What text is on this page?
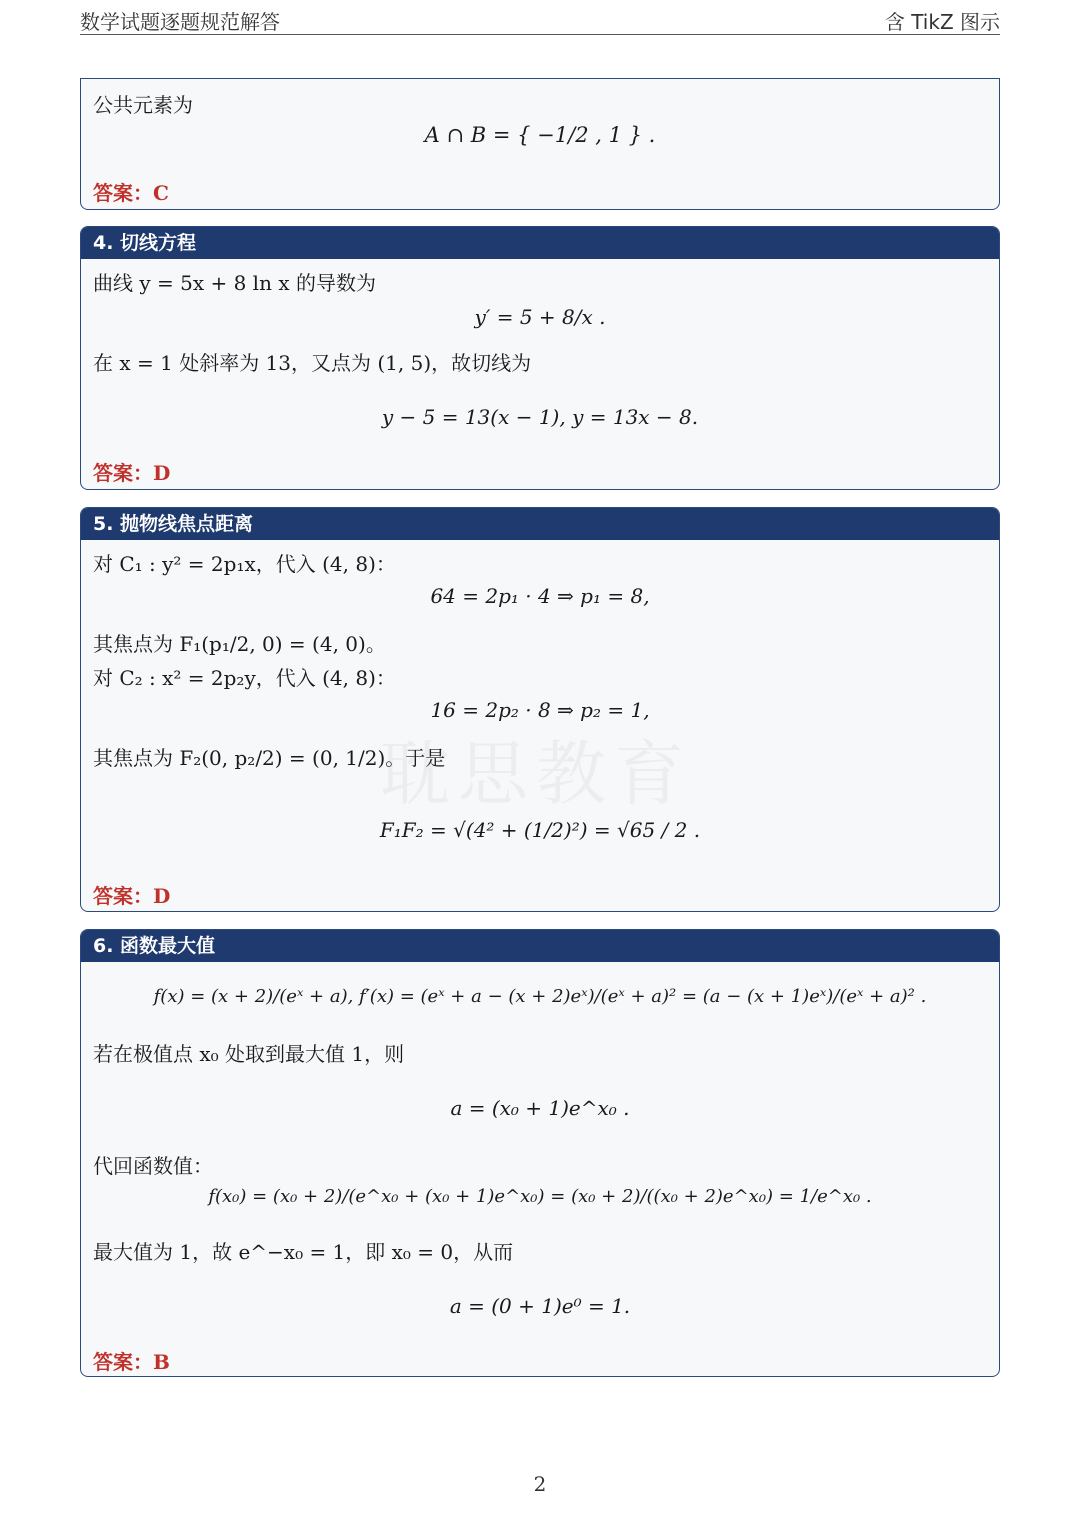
数学试题逐题规范解答	含 TikZ 图示
公共元素为
A ∩ B = { −1/2 , 1 } .
答案：C
4. 切线方程
曲线 y = 5x + 8 ln x 的导数为
y′ = 5 + 8/x .
在 x = 1 处斜率为 13，又点为 (1, 5)，故切线为
y − 5 = 13(x − 1), y = 13x − 8.
答案：D
5. 抛物线焦点距离
对 C₁ : y² = 2p₁x，代入 (4, 8)：
64 = 2p₁ · 4 ⇒ p₁ = 8,
其焦点为 F₁(p₁/2, 0) = (4, 0)。
对 C₂ : x² = 2p₂y，代入 (4, 8)：
16 = 2p₂ · 8 ⇒ p₂ = 1,
其焦点为 F₂(0, p₂/2) = (0, 1/2)。于是
F₁F₂ = √(4² + (1/2)²) = √65 / 2 .
答案：D
耽思教育
6. 函数最大值
f(x) = (x + 2)/(eˣ + a), f′(x) = (eˣ + a − (x + 2)eˣ)/(eˣ + a)² = (a − (x + 1)eˣ)/(eˣ + a)² .
若在极值点 x₀ 处取到最大值 1，则
a = (x₀ + 1)e^x₀ .
代回函数值：
f(x₀) = (x₀ + 2)/(e^x₀ + (x₀ + 1)e^x₀) = (x₀ + 2)/((x₀ + 2)e^x₀) = 1/e^x₀ .
最大值为 1，故 e^−x₀ = 1，即 x₀ = 0，从而
a = (0 + 1)e⁰ = 1.
答案：B
2
